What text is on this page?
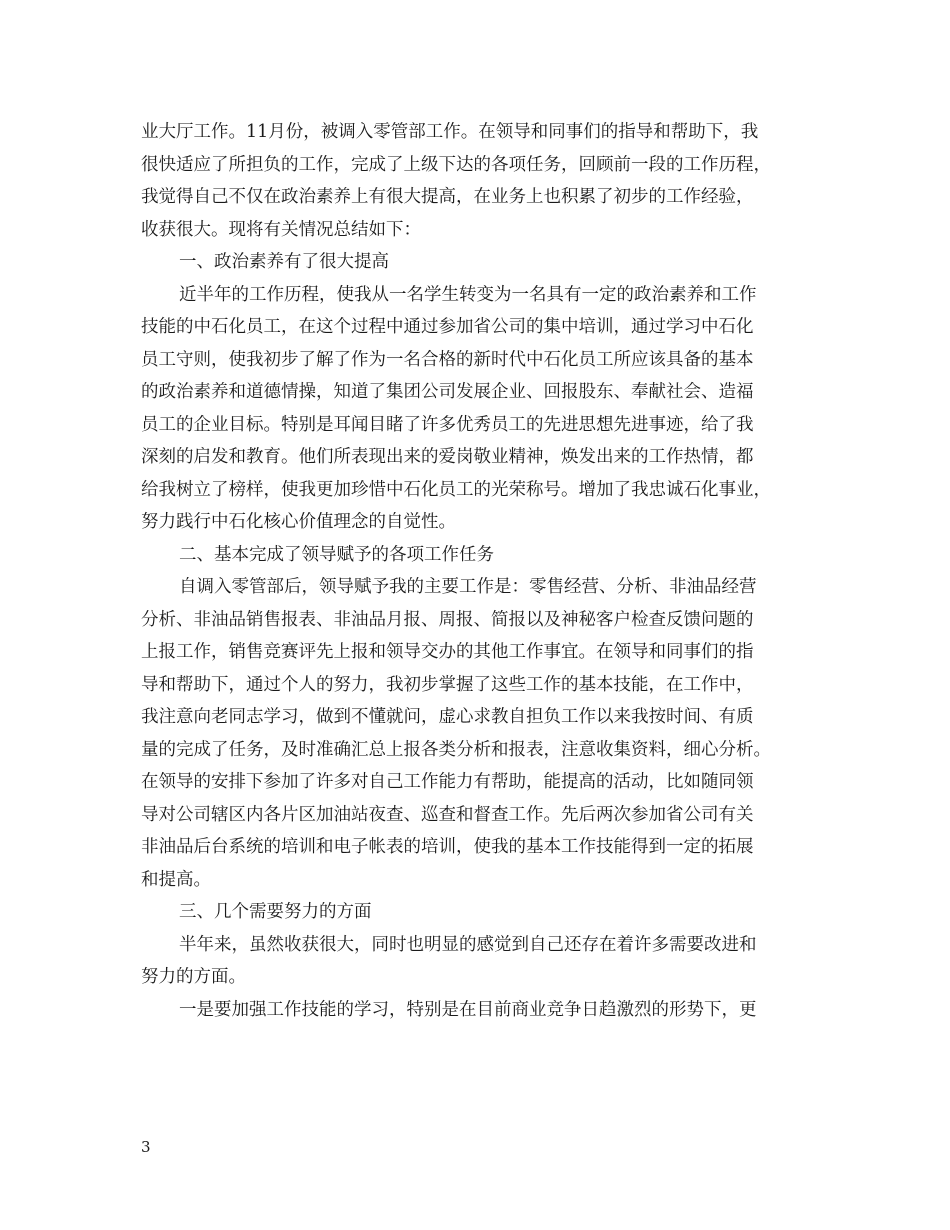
业大厅工作。11月份，被调入零管部工作。在领导和同事们的指导和帮助下，我
很快适应了所担负的工作，完成了上级下达的各项任务，回顾前一段的工作历程，
我觉得自己不仅在政治素养上有很大提高，在业务上也积累了初步的工作经验，
收获很大。现将有关情况总结如下：
一、政治素养有了很大提高
近半年的工作历程，使我从一名学生转变为一名具有一定的政治素养和工作
技能的中石化员工，在这个过程中通过参加省公司的集中培训，通过学习中石化
员工守则，使我初步了解了作为一名合格的新时代中石化员工所应该具备的基本
的政治素养和道德情操，知道了集团公司发展企业、回报股东、奉献社会、造福
员工的企业目标。特别是耳闻目睹了许多优秀员工的先进思想先进事迹，给了我
深刻的启发和教育。他们所表现出来的爱岗敬业精神，焕发出来的工作热情，都
给我树立了榜样，使我更加珍惜中石化员工的光荣称号。增加了我忠诚石化事业，
努力践行中石化核心价值理念的自觉性。
二、基本完成了领导赋予的各项工作任务
自调入零管部后，领导赋予我的主要工作是：零售经营、分析、非油品经营
分析、非油品销售报表、非油品月报、周报、简报以及神秘客户检查反馈问题的
上报工作，销售竞赛评先上报和领导交办的其他工作事宜。在领导和同事们的指
导和帮助下，通过个人的努力，我初步掌握了这些工作的基本技能，在工作中，
我注意向老同志学习，做到不懂就问，虚心求教自担负工作以来我按时间、有质
量的完成了任务，及时准确汇总上报各类分析和报表，注意收集资料，细心分析。
在领导的安排下参加了许多对自己工作能力有帮助，能提高的活动，比如随同领
导对公司辖区内各片区加油站夜查、巡查和督查工作。先后两次参加省公司有关
非油品后台系统的培训和电子帐表的培训，使我的基本工作技能得到一定的拓展
和提高。
三、几个需要努力的方面
半年来，虽然收获很大，同时也明显的感觉到自己还存在着许多需要改进和
努力的方面。
一是要加强工作技能的学习，特别是在目前商业竞争日趋激烈的形势下，更
3
